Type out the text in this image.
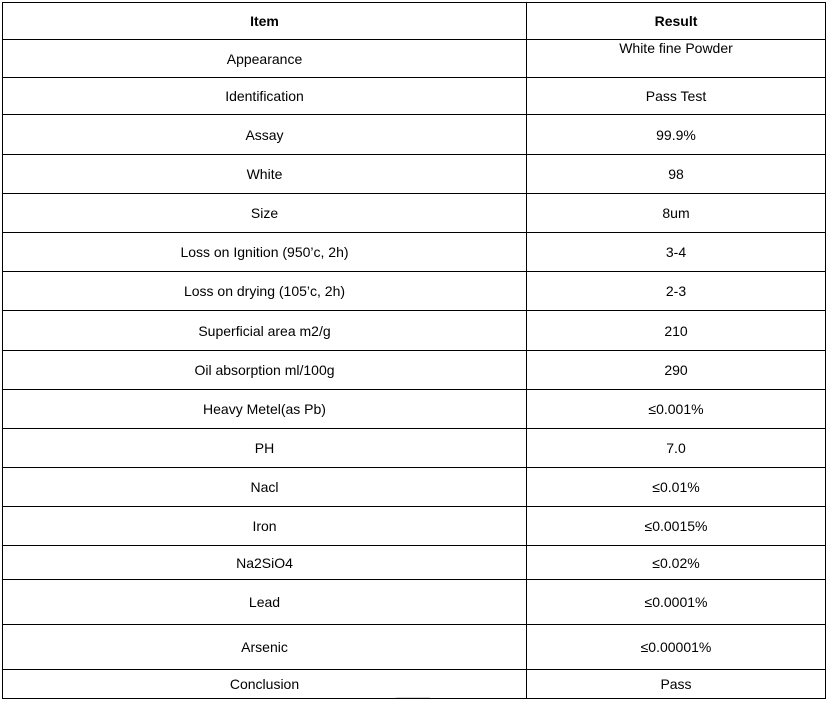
Item	Result
Appearance	White fine Powder
Identification	Pass Test
Assay	99.9%
White	98
Size	8um
Loss on Ignition (950’c, 2h)	3-4
Loss on drying (105’c, 2h)	2-3
Superficial area m2/g	210
Oil absorption ml/100g	290
Heavy Metel(as Pb)	≤0.001%
PH	7.0
Nacl	≤0.01%
Iron	≤0.0015%
Na2SiO4	≤0.02%
Lead	≤0.0001%
Arsenic	≤0.00001%
Conclusion	Pass
